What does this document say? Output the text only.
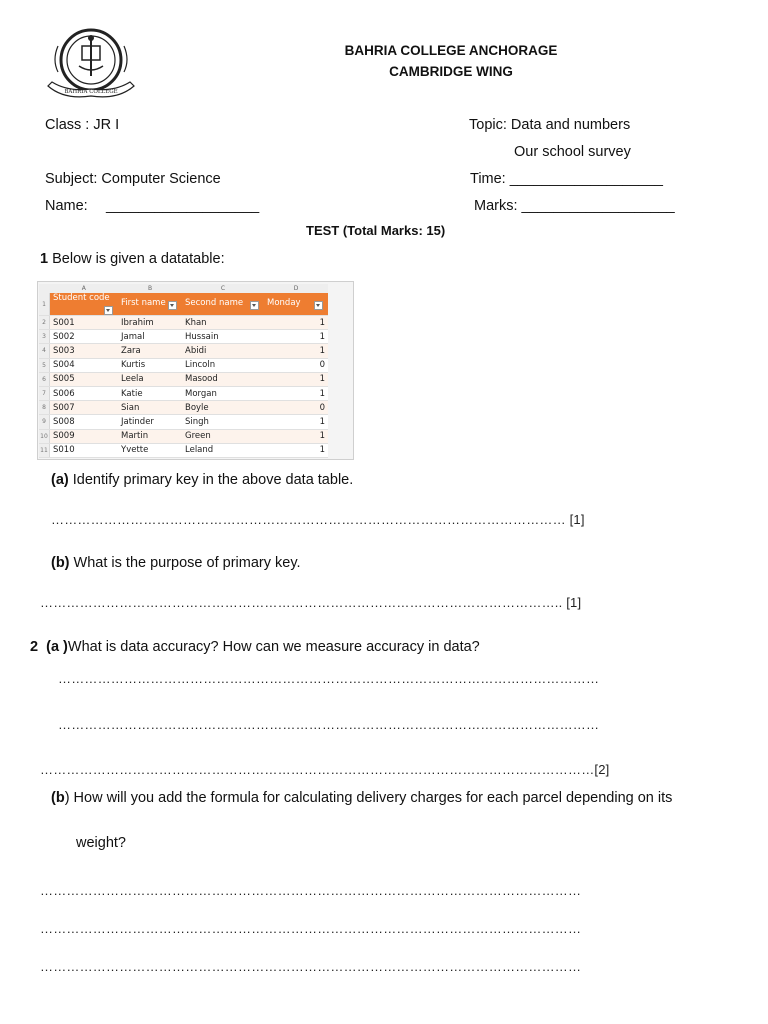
BAHRIA COLLEGE
BAHRIA COLLEGE ANCHORAGE
CAMBRIDGE WING
Class : JR I	Topic: Data and numbers
Our school survey
Subject: Computer Science	Time: ___________________
Name: ___________________	Marks: ___________________
TEST (Total Marks: 15)
1 Below is given a datatable:
	A	B	C	D
1	Student code	First name	Second name	Monday

2	S001	Ibrahim	Khan	1
3	S002	Jamal	Hussain	1
4	S003	Zara	Abidi	1
5	S004	Kurtis	Lincoln	0
6	S005	Leela	Masood	1
7	S006	Katie	Morgan	1
8	S007	Sian	Boyle	0
9	S008	Jatinder	Singh	1
10	S009	Martin	Green	1
11	S010	Yvette	Leland	1
(a) Identify primary key in the above data table.
……………………………………………………………………………………………………… [1]
(b) What is the purpose of primary key.
……………………………………………………………………………………………………….. [1]
2 (a )What is data accuracy? How can we measure accuracy in data?
……………………………………………………………………………………………………………
……………………………………………………………………………………………………………
………………………………………………………………………………………………………………[2]
(b) How will you add the formula for calculating delivery charges for each parcel depending on its
weight?
……………………………………………………………………………………………………………
……………………………………………………………………………………………………………
……………………………………………………………………………………………………………
